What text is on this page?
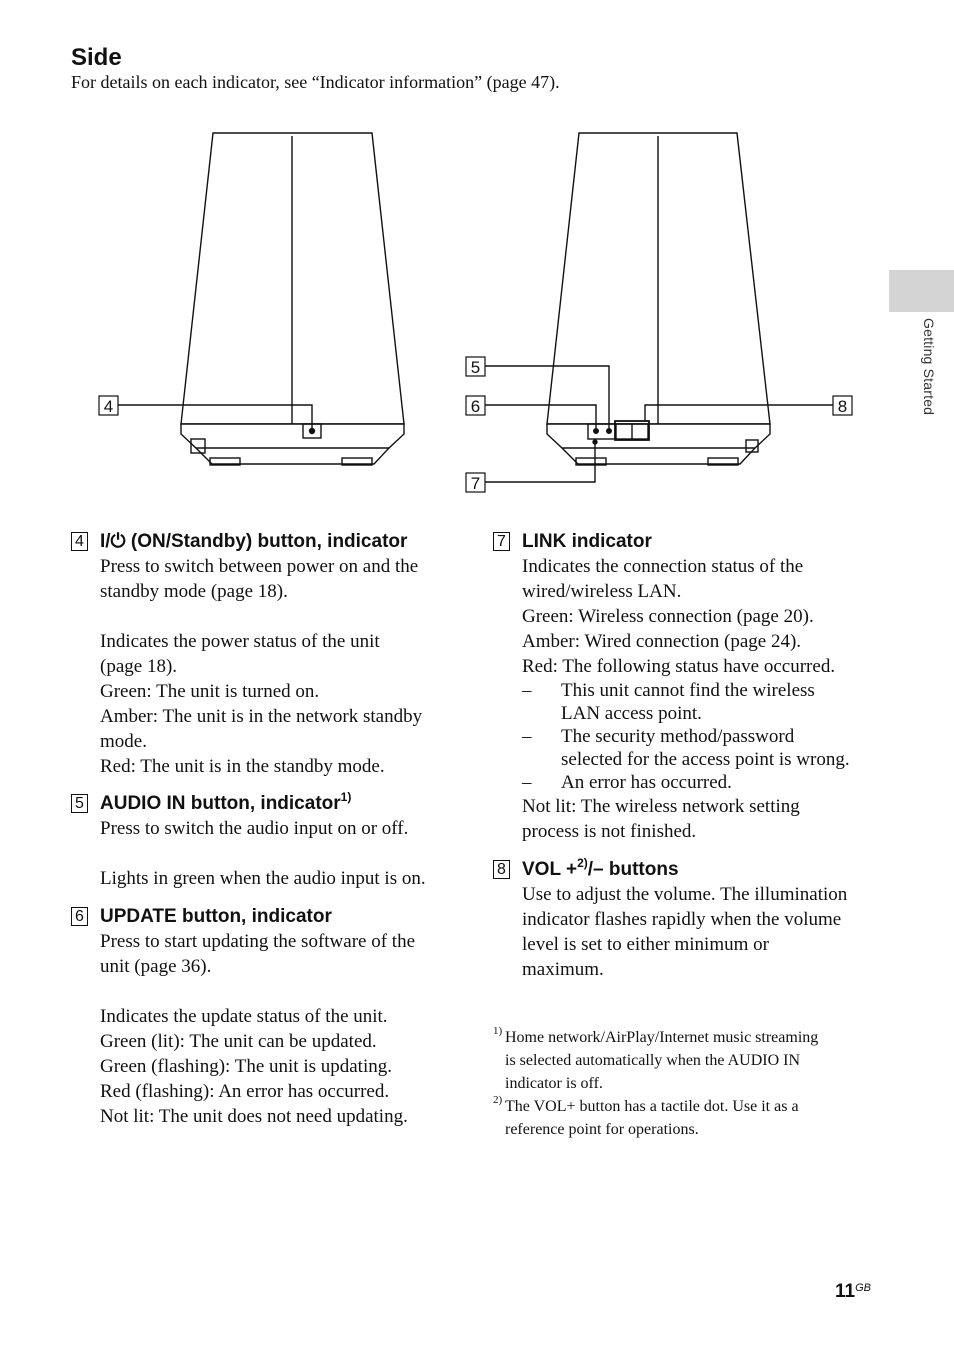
Side
For details on each indicator, see “Indicator information” (page 47).
Getting Started
4
5
6
7
8
4 I/⏻ (ON/Standby) button, indicator

Press to switch between power on and the

standby mode (page 18).

Indicates the power status of the unit

(page 18).

Green: The unit is turned on.

Amber: The unit is in the network standby

mode.

Red: The unit is in the standby mode.

5 AUDIO IN button, indicator$^{1)}$

Press to switch the audio input on or off.

Lights in green when the audio input is on.

6 UPDATE button, indicator

Press to start updating the software of the

unit (page 36).

Indicates the update status of the unit.

Green (lit): The unit can be updated.

Green (flashing): The unit is updating.

Red (flashing): An error has occurred.

Not lit: The unit does not need updating.

7 LINK indicator

Indicates the connection status of the

wired/wireless LAN.

Green: Wireless connection (page 20).

Amber: Wired connection (page 24).

Red: The following status have occurred.

–	This unit cannot find the wireless
LAN access point.
–	The security method/password
selected for the access point is wrong.
–	An error has occurred.

Not lit: The wireless network setting

process is not finished.

8 VOL +$^{2)}$/– buttons

Use to adjust the volume. The illumination

indicator flashes rapidly when the volume

level is set to either minimum or

maximum.

1) Home network/AirPlay/Internet music streaming
is selected automatically when the AUDIO IN
indicator is off.
2) The VOL+ button has a tactile dot. Use it as a
reference point for operations.
$11^{GB}$
